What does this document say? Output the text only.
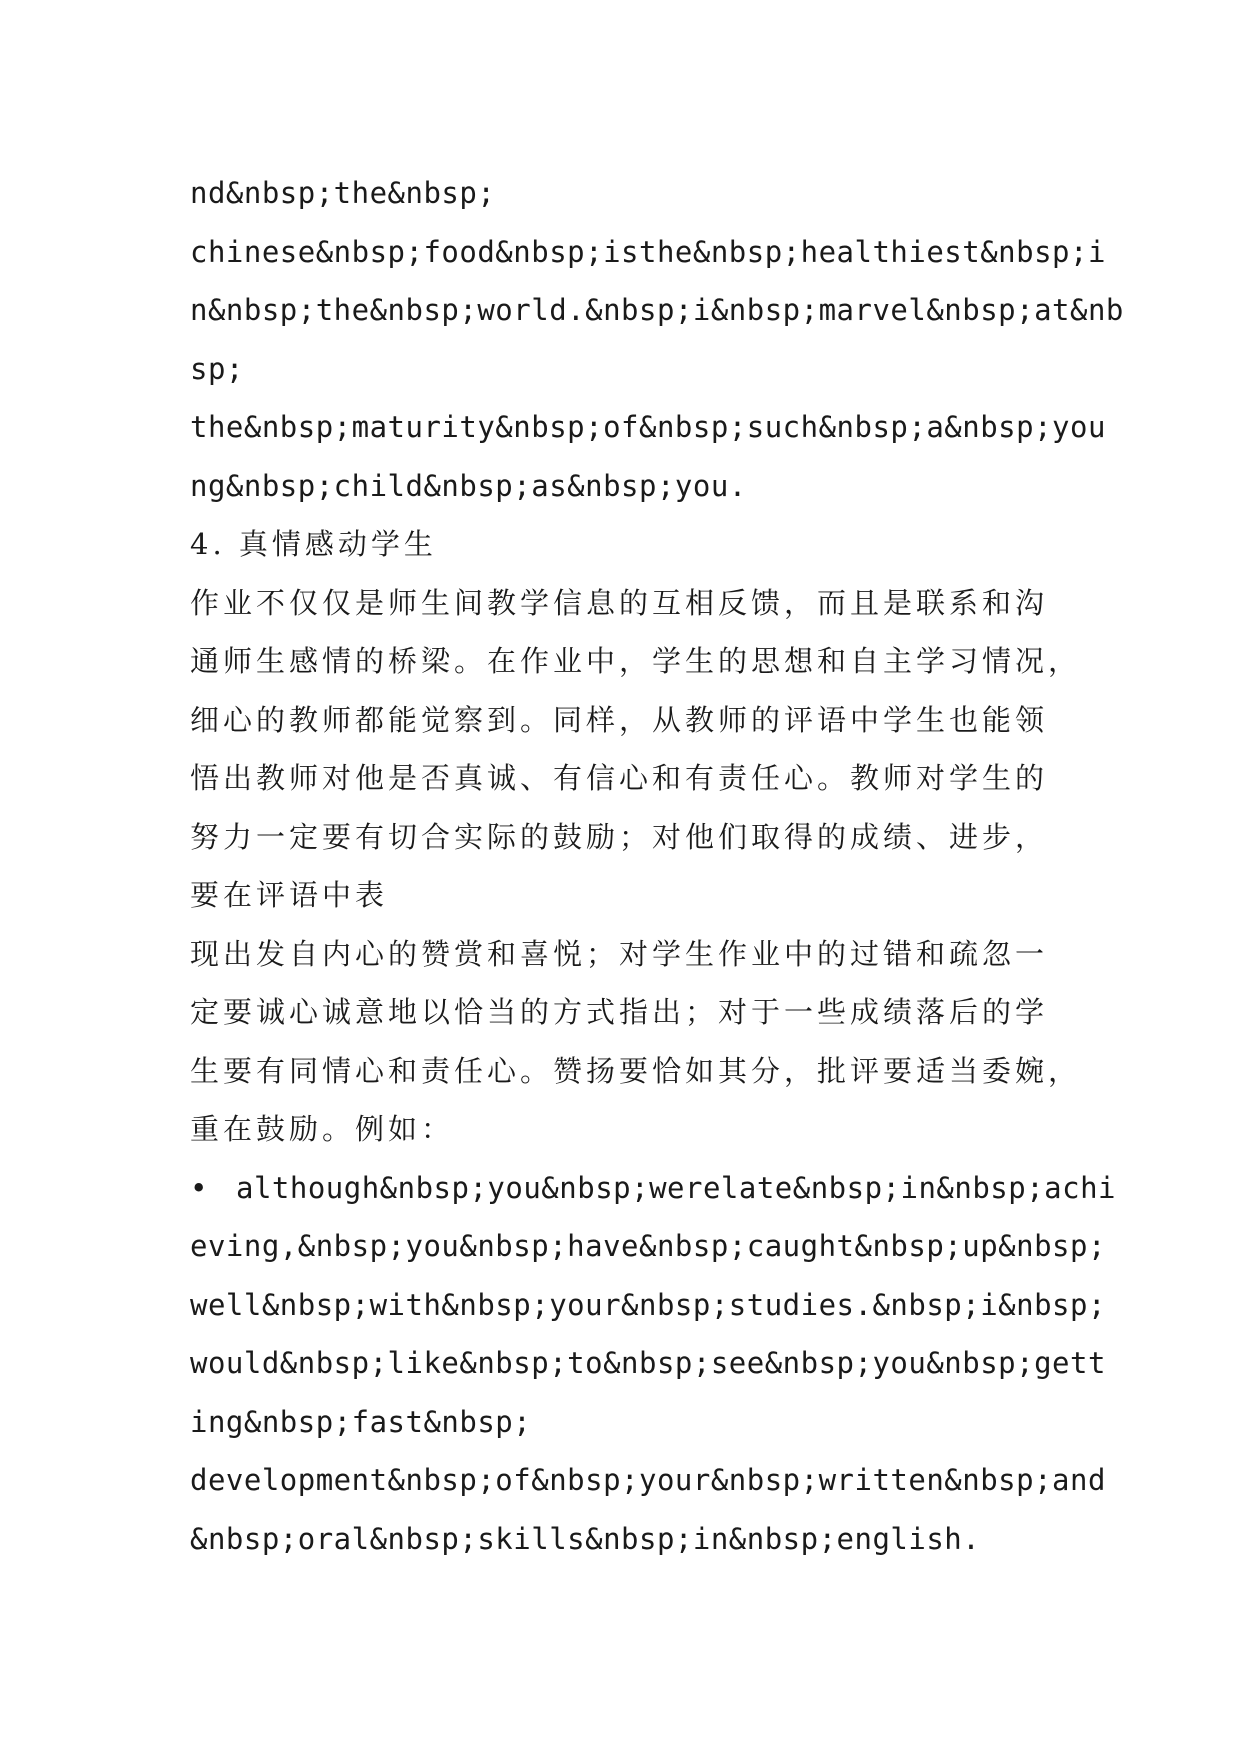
nd&nbsp;the&nbsp;
chinese&nbsp;food&nbsp;isthe&nbsp;healthiest&nbsp;i
n&nbsp;the&nbsp;world.&nbsp;i&nbsp;marvel&nbsp;at&nb
sp;
the&nbsp;maturity&nbsp;of&nbsp;such&nbsp;a&nbsp;you
ng&nbsp;child&nbsp;as&nbsp;you.
4. 真情感动学生
作业不仅仅是师生间教学信息的互相反馈，而且是联系和沟
通师生感情的桥梁。在作业中，学生的思想和自主学习情况，
细心的教师都能觉察到。同样，从教师的评语中学生也能领
悟出教师对他是否真诚、有信心和有责任心。教师对学生的
努力一定要有切合实际的鼓励；对他们取得的成绩、进步，
要在评语中表
现出发自内心的赞赏和喜悦；对学生作业中的过错和疏忽一
定要诚心诚意地以恰当的方式指出；对于一些成绩落后的学
生要有同情心和责任心。赞扬要恰如其分，批评要适当委婉，
重在鼓励。例如：
• although&nbsp;you&nbsp;werelate&nbsp;in&nbsp;achi
eving,&nbsp;you&nbsp;have&nbsp;caught&nbsp;up&nbsp;
well&nbsp;with&nbsp;your&nbsp;studies.&nbsp;i&nbsp;
would&nbsp;like&nbsp;to&nbsp;see&nbsp;you&nbsp;gett
ing&nbsp;fast&nbsp;
development&nbsp;of&nbsp;your&nbsp;written&nbsp;and
&nbsp;oral&nbsp;skills&nbsp;in&nbsp;english.
